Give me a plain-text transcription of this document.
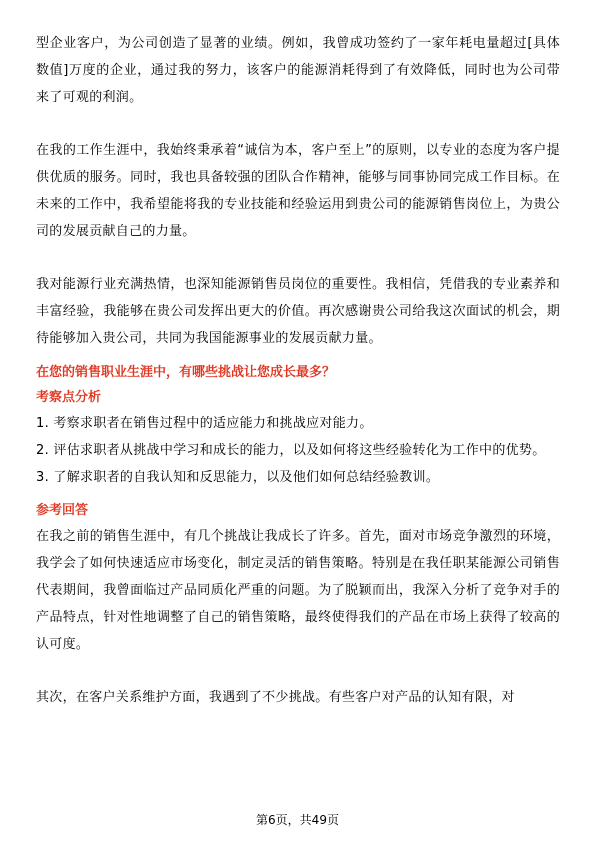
型企业客户，为公司创造了显著的业绩。例如，我曾成功签约了一家年耗电量超过[具体数值]万度的企业，通过我的努力，该客户的能源消耗得到了有效降低，同时也为公司带来了可观的利润。

在我的工作生涯中，我始终秉承着“诚信为本，客户至上”的原则，以专业的态度为客户提供优质的服务。同时，我也具备较强的团队合作精神，能够与同事协同完成工作目标。在未来的工作中，我希望能将我的专业技能和经验运用到贵公司的能源销售岗位上，为贵公司的发展贡献自己的力量。

我对能源行业充满热情，也深知能源销售员岗位的重要性。我相信，凭借我的专业素养和丰富经验，我能够在贵公司发挥出更大的价值。再次感谢贵公司给我这次面试的机会，期待能够加入贵公司，共同为我国能源事业的发展贡献力量。

在您的销售职业生涯中，有哪些挑战让您成长最多？

考察点分析

1. 考察求职者在销售过程中的适应能力和挑战应对能力。

2. 评估求职者从挑战中学习和成长的能力，以及如何将这些经验转化为工作中的优势。

3. 了解求职者的自我认知和反思能力，以及他们如何总结经验教训。

参考回答

在我之前的销售生涯中，有几个挑战让我成长了许多。首先，面对市场竞争激烈的环境，我学会了如何快速适应市场变化，制定灵活的销售策略。特别是在我任职某能源公司销售代表期间，我曾面临过产品同质化严重的问题。为了脱颖而出，我深入分析了竞争对手的产品特点，针对性地调整了自己的销售策略，最终使得我们的产品在市场上获得了较高的认可度。

其次，在客户关系维护方面，我遇到了不少挑战。有些客户对产品的认知有限，对

第6页，共49页
